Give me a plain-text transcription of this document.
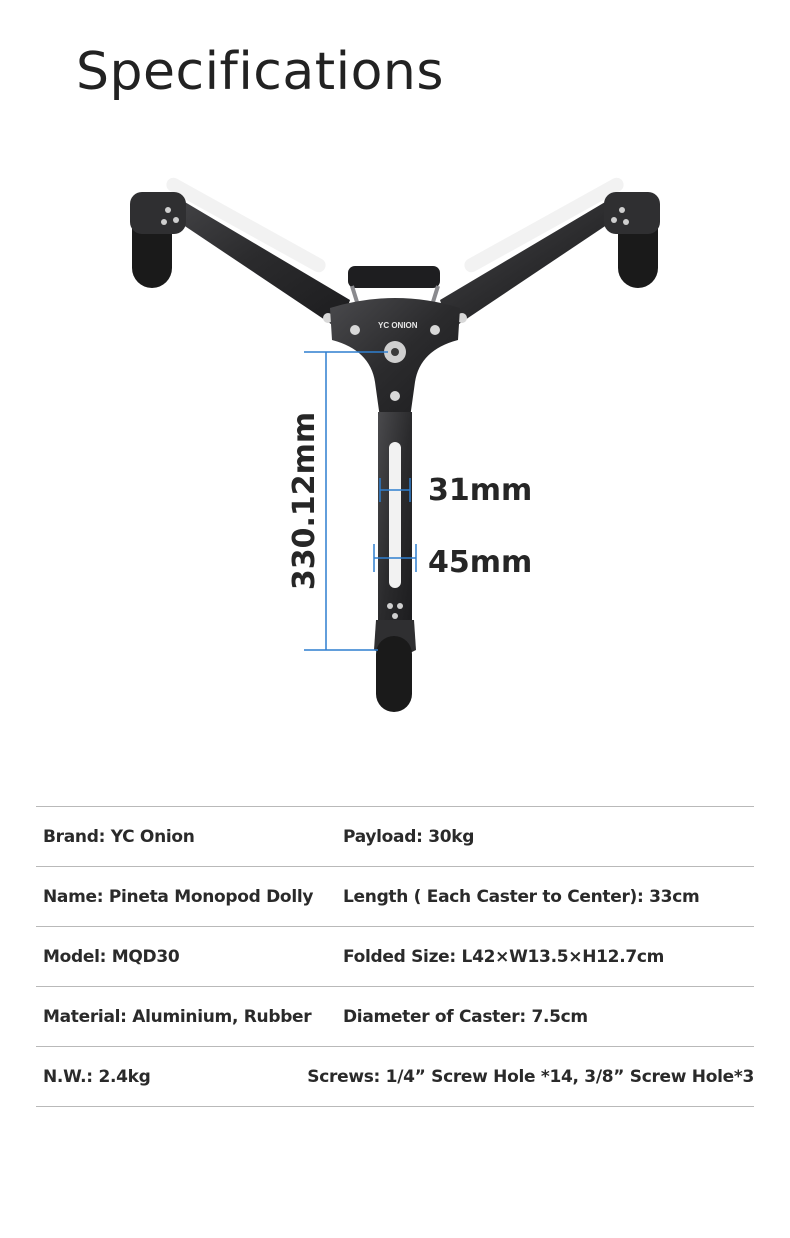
Specifications
YC ONION
330.12mm	31mm
45mm
Brand: YC Onion	Payload: 30kg
Name: Pineta Monopod Dolly	Length ( Each Caster to Center): 33cm
Model: MQD30	Folded Size: L42×W13.5×H12.7cm
Material: Aluminium, Rubber	Diameter of Caster: 7.5cm
N.W.: 2.4kg	Screws: 1/4” Screw Hole *14, 3/8” Screw Hole*3
